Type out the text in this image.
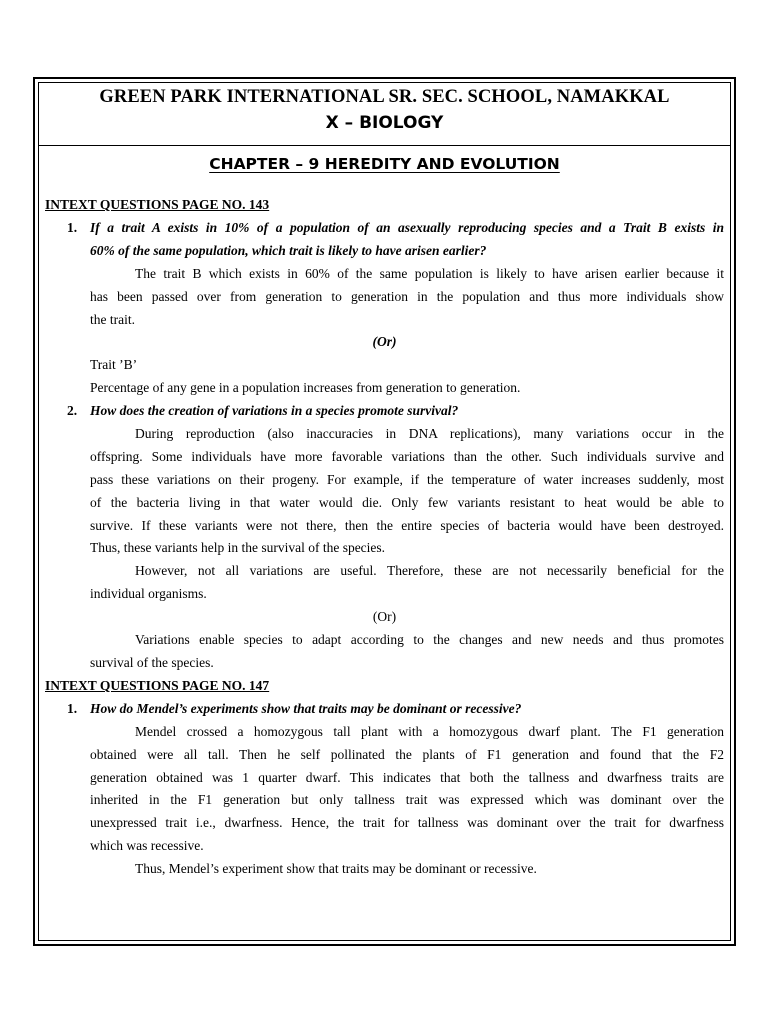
GREEN PARK INTERNATIONAL SR. SEC. SCHOOL, NAMAKKAL
X – BIOLOGY
CHAPTER – 9 HEREDITY AND EVOLUTION
INTEXT QUESTIONS PAGE NO. 143
1. If a trait A exists in 10% of a population of an asexually reproducing species and a Trait B exists in
60% of the same population, which trait is likely to have arisen earlier?
The trait B which exists in 60% of the same population is likely to have arisen earlier because it
has been passed over from generation to generation in the population and thus more individuals show
the trait.
(Or)
Trait ’B’
Percentage of any gene in a population increases from generation to generation.
2. How does the creation of variations in a species promote survival?
During reproduction (also inaccuracies in DNA replications), many variations occur in the
offspring. Some individuals have more favorable variations than the other. Such individuals survive and
pass these variations on their progeny. For example, if the temperature of water increases suddenly, most
of the bacteria living in that water would die. Only few variants resistant to heat would be able to
survive. If these variants were not there, then the entire species of bacteria would have been destroyed.
Thus, these variants help in the survival of the species.
However, not all variations are useful. Therefore, these are not necessarily beneficial for the
individual organisms.
(Or)
Variations enable species to adapt according to the changes and new needs and thus promotes
survival of the species.
INTEXT QUESTIONS PAGE NO. 147
1. How do Mendel’s experiments show that traits may be dominant or recessive?
Mendel crossed a homozygous tall plant with a homozygous dwarf plant. The F1 generation
obtained were all tall. Then he self pollinated the plants of F1 generation and found that the F2
generation obtained was 1 quarter dwarf. This indicates that both the tallness and dwarfness traits are
inherited in the F1 generation but only tallness trait was expressed which was dominant over the
unexpressed trait i.e., dwarfness. Hence, the trait for tallness was dominant over the trait for dwarfness
which was recessive.
Thus, Mendel’s experiment show that traits may be dominant or recessive.
